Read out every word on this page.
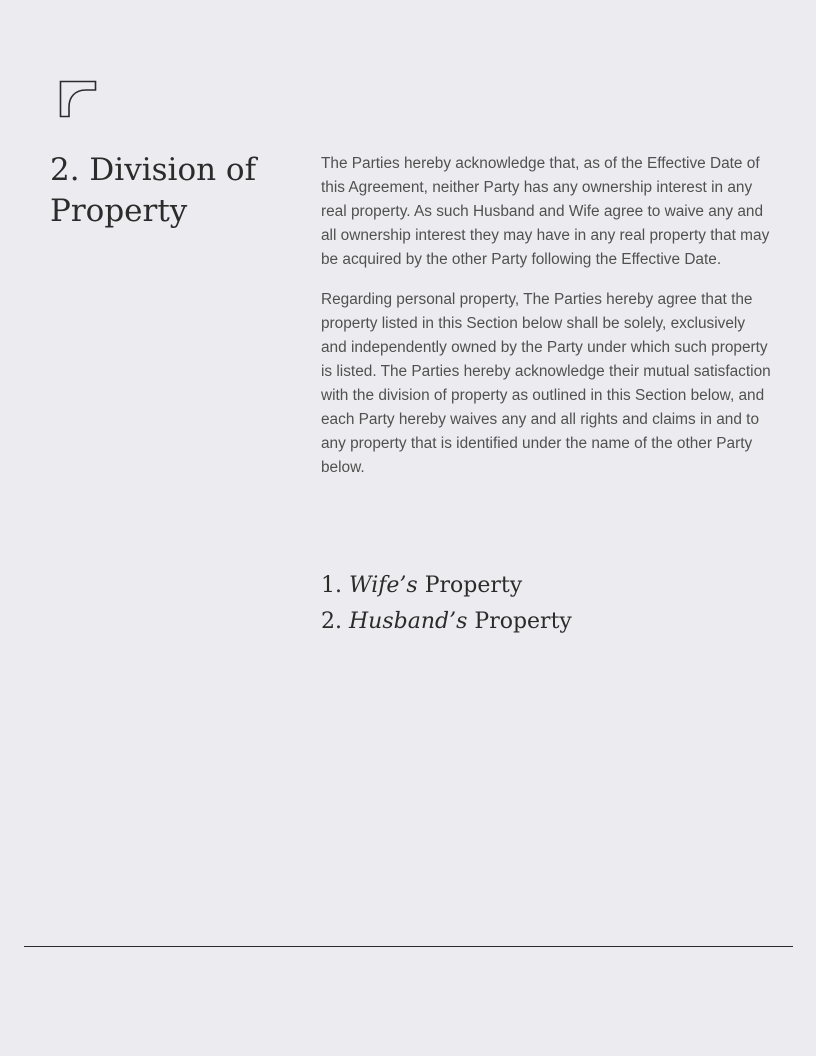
2. Division of Property

The Parties hereby acknowledge that, as of the Effective Date of this Agreement, neither Party has any ownership interest in any real property. As such Husband and Wife agree to waive any and all ownership interest they may have in any real property that may be acquired by the other Party following the Effective Date.

Regarding personal property, The Parties hereby agree that the property listed in this Section below shall be solely, exclusively and independently owned by the Party under which such property is listed. The Parties hereby acknowledge their mutual satisfaction with the division of property as outlined in this Section below, and each Party hereby waives any and all rights and claims in and to any property that is identified under the name of the other Party below.

1. Wife’s Property
2. Husband’s Property
